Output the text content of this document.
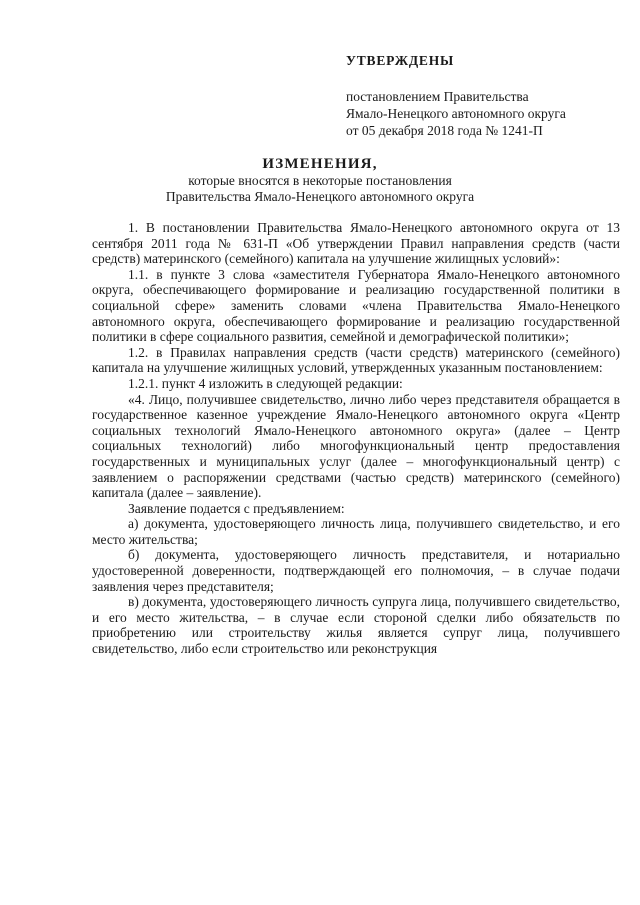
УТВЕРЖДЕНЫ
постановлением Правительства
Ямало-Ненецкого автономного округа
от 05 декабря 2018 года № 1241-П
ИЗМЕНЕНИЯ,
которые вносятся в некоторые постановления
Правительства Ямало-Ненецкого автономного округа

1. В постановлении Правительства Ямало-Ненецкого автономного округа от 13 сентября 2011 года № 631-П «Об утверждении Правил направления средств (части средств) материнского (семейного) капитала на улучшение жилищных условий»:

1.1. в пункте 3 слова «заместителя Губернатора Ямало-Ненецкого автономного округа, обеспечивающего формирование и реализацию государственной политики в социальной сфере» заменить словами «члена Правительства Ямало-Ненецкого автономного округа, обеспечивающего формирование и реализацию государственной политики в сфере социального развития, семейной и демографической политики»;

1.2. в Правилах направления средств (части средств) материнского (семейного) капитала на улучшение жилищных условий, утвержденных указанным постановлением:

1.2.1. пункт 4 изложить в следующей редакции:

«4. Лицо, получившее свидетельство, лично либо через представителя обращается в государственное казенное учреждение Ямало-Ненецкого автономного округа «Центр социальных технологий Ямало-Ненецкого автономного округа» (далее – Центр социальных технологий) либо многофункциональный центр предоставления государственных и муниципальных услуг (далее – многофункциональный центр) с заявлением о распоряжении средствами (частью средств) материнского (семейного) капитала (далее – заявление).

Заявление подается с предъявлением:

а) документа, удостоверяющего личность лица, получившего свидетельство, и его место жительства;

б) документа, удостоверяющего личность представителя, и нотариально удостоверенной доверенности, подтверждающей его полномочия, – в случае подачи заявления через представителя;

в) документа, удостоверяющего личность супруга лица, получившего свидетельство, и его место жительства, – в случае если стороной сделки либо обязательств по приобретению или строительству жилья является супруг лица, получившего свидетельство, либо если строительство или реконструкция
